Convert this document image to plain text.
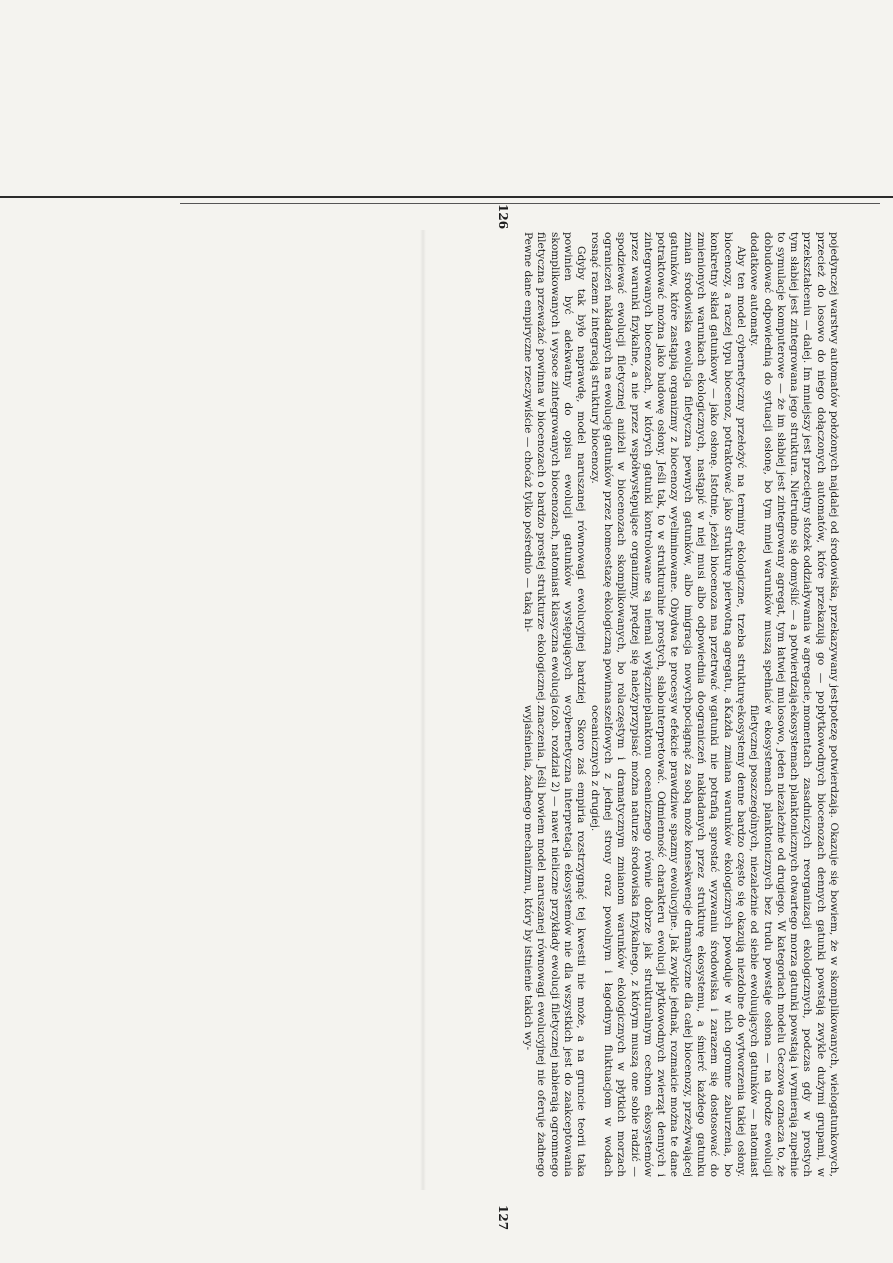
pojedynczej warstwy automatów położonych najdalej od środowiska, przekazywany jest przecież do losowo do niego dołączonych automatów, które przekazują go — po przekształceniu — dalej. Im mniejszy jest przeciętny stożek oddziaływania w agregacie, tym słabiej jest zintegrowana jego struktura. Nietrudno się domyślić — a potwierdzają to symulacje komputerowe — że im słabiej jest zintegrowany agregat, tym łatwiej mu dobudować odpowiednią do sytuacji osłonę, bo tym mniej warunków muszą spełniać dodatkowe automaty.

Aby ten model cybernetyczny przełożyć na terminy ekologiczne, trzeba strukturę biocenozy, a raczej typu biocenoz, potraktować jako strukturę pierwotną agregatu, a konkretny skład gatunkowy — jako osłonę. Istotnie, jeżeli biocenoza ma przetrwać w zmienionych warunkach ekologicznych, nastąpić w niej musi albo odpowiednia do zmian środowiska ewolucja filetyczna pewnych gatunków, albo imigracja nowych gatunków, które zastąpią organizmy z biocenozy wyeliminowane. Obydwa te procesy potraktować można jako budowę osłony. Jeśli tak, to w strukturalnie prostych, słabo zintegrowanych biocenozach, w których gatunki kontrolowane są niemal wyłącznie przez warunki fizykalne, a nie przez współwystępujące organizmy, prędzej się należy spodziewać ewolucji filetycznej aniżeli w biocenozach skomplikowanych, bo rola ograniczeń nakładanych na ewolucję gatunków przez homeostazę ekologiczną powinna rosnąć razem z integracją struktury biocenozy.

Gdyby tak było naprawdę, model naruszanej równowagi ewolucyjnej bardziej powinien być adekwatny do opisu ewolucji gatunków występujących w skomplikowanych i wysoce zintegrowanych biocenozach, natomiast klasyczna ewolucja filetyczna przeważać powinna w biocenozach o bardzo prostej strukturze ekologicznej. Pewne dane empiryczne rzeczywiście — choćaż tylko pośrednio — taką hi-

126

potezę potwierdzają. Okazuje się bowiem, że w skomplikowanych, wielogatunkowych, płytkowodnych biocenozach dennych gatunki powstają zwykle dużymi grupami, w momentach zasadniczych reorganizacji ekologicznych, podczas gdy w prostych ekosystemach planktonicznych otwartego morza gatunki powstają i wymierają zupełnie losowo, jeden niezależnie od drugiego. W kategoriach modelu Geczowa oznacza to, że w ekosystemach planktonicznych bez trudu powstaje osłona — na drodze ewolucji filetycznej poszczególnych, niezależnie od siebie ewoluujących gatunków — natomiast ekosystemy denne bardzo często się okazują niezdolne do wytworzenia takiej osłony. Każda zmiana warunków ekologicznych powoduje w nich ogromne zaburzenia, bo gatunki nie potrafią sprostać wyzwaniu środowiska i zarazem się dostosować do ograniczeń nakładanych przez strukturę ekosystemu, a śmierć każdego gatunku pociągnąć za sobą może konsekwencje dramatyczne dla całej biocenozy, przeżywającej w efekcie prawdziwe spazmy ewolucyjne. Jak zwykle jednak, rozmaicie można te dane interpretować. Odmienność charakteru ewolucji płytkowodnych zwierząt dennych i planktonu oceanicznego równie dobrze jak strukturalnym cechom ekosystemów przypisać można naturze środowiska fizykalnego, z którym muszą one sobie radzić — częstym i dramatycznym zmianom warunków ekologicznych w płytkich morzach szelfowych z jednej strony oraz powolnym i łagodnym fluktuacjom w wodach oceanicznych z drugiej.

Skoro zaś empiria rozstrzygnąć tej kwestii nie może, a na gruncie teorii taka cybernetyczna interpretacja ekosystemów nie dla wszystkich jest do zaakceptowania (zob. rozdział 2) — nawet nieliczne przykłady ewolucji filetycznej nabierają ogromnego znaczenia. Jeśli bowiem model naruszanej równowagi ewolucyjnej nie oferuje żadnego wyjaśnienia, żadnego mechanizmu, który by istnienie takich wy-

127
